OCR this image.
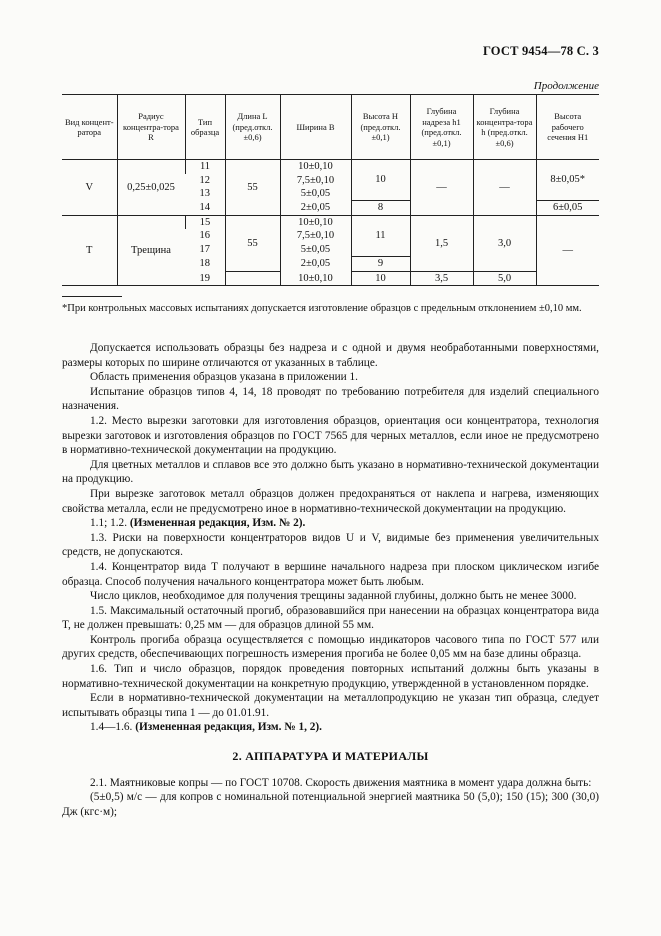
ГОСТ 9454—78 С. 3
Продолжение
Вид концент-ратора	Радиус концентра-тора R	Тип образца	Длина L (пред.откл. ±0,6)	Ширина B	Высота H (пред.откл. ±0,1)	Глубина надреза h1 (пред.откл. ±0,1)	Глубина концентра-тора h (пред.откл. ±0,6)	Высота рабочего сечения H1
V	0,25±0,025	11	55	10±0,10	10	—	—	8±0,05*
		12		7,5±0,10				
		13		5±0,05				
		14		2±0,05	8			6±0,05
T	Трещина	15	55	10±0,10	11	1,5	3,0	—
		16		7,5±0,10				
		17		5±0,05				
		18		2±0,05	9			
		19		10±0,10	10	3,5	5,0	
*При контрольных массовых испытаниях допускается изготовление образцов с предельным отклонением ±0,10 мм.

Допускается использовать образцы без надреза и с одной и двумя необработанными поверхностями, размеры которых по ширине отличаются от указанных в таблице.

Область применения образцов указана в приложении 1.

Испытание образцов типов 4, 14, 18 проводят по требованию потребителя для изделий специального назначения.

1.2. Место вырезки заготовки для изготовления образцов, ориентация оси концентратора, технология вырезки заготовок и изготовления образцов по ГОСТ 7565 для черных металлов, если иное не предусмотрено в нормативно-технической документации на продукцию.

Для цветных металлов и сплавов все это должно быть указано в нормативно-технической документации на продукцию.

При вырезке заготовок металл образцов должен предохраняться от наклепа и нагрева, изменяющих свойства металла, если не предусмотрено иное в нормативно-технической документации на продукцию.

1.1; 1.2. (Измененная редакция, Изм. № 2).

1.3. Риски на поверхности концентраторов видов U и V, видимые без применения увеличительных средств, не допускаются.

1.4. Концентратор вида T получают в вершине начального надреза при плоском циклическом изгибе образца. Способ получения начального концентратора может быть любым.

Число циклов, необходимое для получения трещины заданной глубины, должно быть не менее 3000.

1.5. Максимальный остаточный прогиб, образовавшийся при нанесении на образцах концентратора вида T, не должен превышать: 0,25 мм — для образцов длиной 55 мм.

Контроль прогиба образца осуществляется с помощью индикаторов часового типа по ГОСТ 577 или других средств, обеспечивающих погрешность измерения прогиба не более 0,05 мм на базе длины образца.

1.6. Тип и число образцов, порядок проведения повторных испытаний должны быть указаны в нормативно-технической документации на конкретную продукцию, утвержденной в установленном порядке.

Если в нормативно-технической документации на металлопродукцию не указан тип образца, следует испытывать образцы типа 1 — до 01.01.91.

1.4—1.6. (Измененная редакция, Изм. № 1, 2).

2. АППАРАТУРА И МАТЕРИАЛЫ

2.1. Маятниковые копры — по ГОСТ 10708. Скорость движения маятника в момент удара должна быть:

(5±0,5) м/с — для копров с номинальной потенциальной энергией маятника 50 (5,0); 150 (15); 300 (30,0) Дж (кгс·м);
